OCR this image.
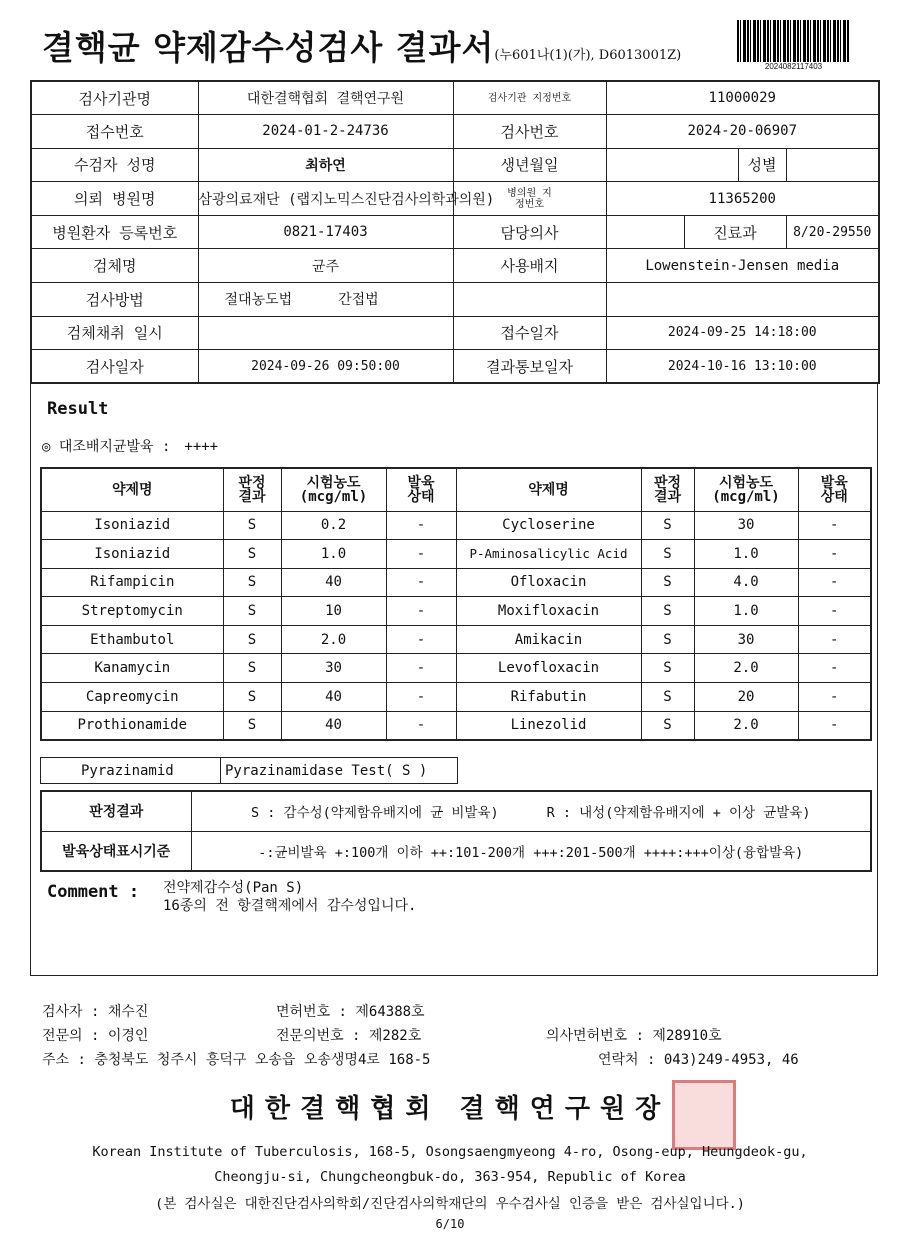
결핵균 약제감수성검사 결과서(누601나(1)(가), D6013001Z)
2024082117403
검사기관명	대한결핵협회 결핵연구원	검사기관 지정번호	11000029			
접수번호	2024-01-2-24736	검사번호	2024-20-06907			
수검자 성명	최하연	생년월일			성별	
의뢰 병원명	삼광의료재단 (랩지노믹스진단검사의학과의원)	병의원 지정번호	11365200			
병원환자 등록번호	0821-17403	담당의사		진료과		8/20-29550
검체명	균주	사용배지	Lowenstein-Jensen media			
검사방법	절대농도법 간접법					
검체채취 일시		접수일자	2024-09-25 14:18:00			
검사일자	2024-09-26 09:50:00	결과통보일자	2024-10-16 13:10:00			
Result
◎ 대조배지균발육 : ++++
약제명	판정 결과	시험농도 (mcg/ml)	발육 상태	약제명	판정 결과	시험농도 (mcg/ml)	발육 상태
Isoniazid	S	0.2	-	Cycloserine	S	30	-
Isoniazid	S	1.0	-	P-Aminosalicylic Acid	S	1.0	-
Rifampicin	S	40	-	Ofloxacin	S	4.0	-
Streptomycin	S	10	-	Moxifloxacin	S	1.0	-
Ethambutol	S	2.0	-	Amikacin	S	30	-
Kanamycin	S	30	-	Levofloxacin	S	2.0	-
Capreomycin	S	40	-	Rifabutin	S	20	-
Prothionamide	S	40	-	Linezolid	S	2.0	-
Pyrazinamid	Pyrazinamidase Test( S )
판정결과	S : 감수성(약제함유배지에 균 비발육) R : 내성(약제함유배지에 + 이상 균발육)
발육상태표시기준	-:균비발육 +:100개 이하 ++:101-200개 +++:201-500개 ++++:+++이상(융합발육)
Comment : 전약제감수성(Pan S)
16종의 전 항결핵제에서 감수성입니다.
검사자 : 채수진	면허번호 : 제64388호
전문의 : 이경인	전문의번호 : 제282호	의사면허번호 : 제28910호
주소 : 충청북도 청주시 흥덕구 오송읍 오송생명4로 168-5	연락처 : 043)249-4953, 46
대한결핵협회 결핵연구원장
Korean Institute of Tuberculosis, 168-5, Osongsaengmyeong 4-ro, Osong-eup, Heungdeok-gu,
Cheongju-si, Chungcheongbuk-do, 363-954, Republic of Korea
(본 검사실은 대한진단검사의학회/진단검사의학재단의 우수검사실 인증을 받은 검사실입니다.)
6/10
